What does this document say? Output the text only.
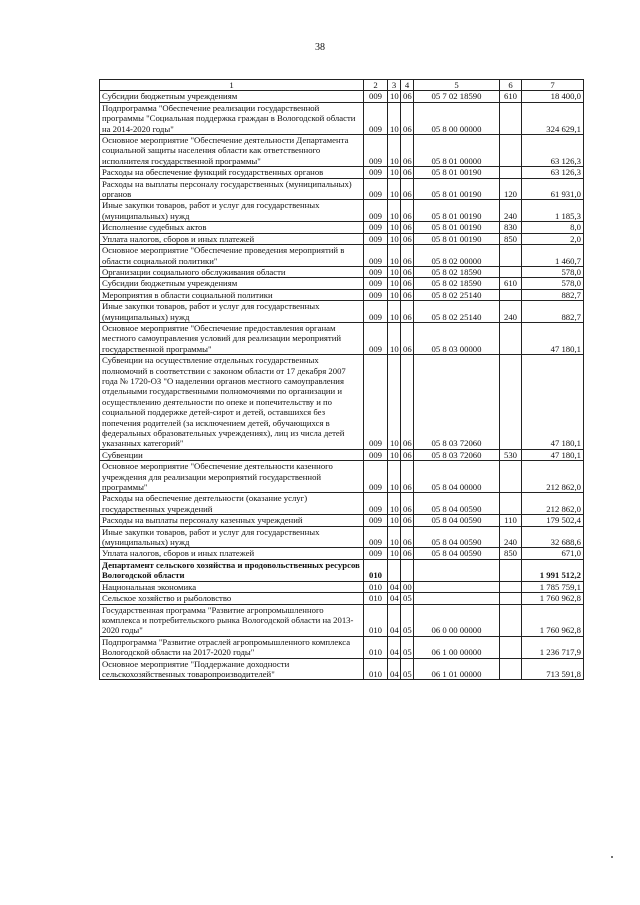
38
1	2	3	4	5	6	7
Субсидии бюджетным учреждениям	009	10	06	05 7 02 18590	610	18 400,0
Подпрограмма "Обеспечение реализации государственной программы "Социальная поддержка граждан в Вологодской области на 2014-2020 годы"	009	10	06	05 8 00 00000		324 629,1
Основное мероприятие "Обеспечение деятельности Департамента социальной защиты населения области как ответственного исполнителя государственной программы"	009	10	06	05 8 01 00000		63 126,3
Расходы на обеспечение функций государственных органов	009	10	06	05 8 01 00190		63 126,3
Расходы на выплаты персоналу государственных (муниципальных) органов	009	10	06	05 8 01 00190	120	61 931,0
Иные закупки товаров, работ и услуг для государственных (муниципальных) нужд	009	10	06	05 8 01 00190	240	1 185,3
Исполнение судебных актов	009	10	06	05 8 01 00190	830	8,0
Уплата налогов, сборов и иных платежей	009	10	06	05 8 01 00190	850	2,0
Основное мероприятие "Обеспечение проведения мероприятий в области социальной политики"	009	10	06	05 8 02 00000		1 460,7
Организации социального обслуживания области	009	10	06	05 8 02 18590		578,0
Субсидии бюджетным учреждениям	009	10	06	05 8 02 18590	610	578,0
Мероприятия в области социальной политики	009	10	06	05 8 02 25140		882,7
Иные закупки товаров, работ и услуг для государственных (муниципальных) нужд	009	10	06	05 8 02 25140	240	882,7
Основное мероприятие "Обеспечение предоставления органам местного самоуправления условий для реализации мероприятий государственной программы"	009	10	06	05 8 03 00000		47 180,1
Субвенции на осуществление отдельных государственных полномочий в соответствии с законом области от 17 декабря 2007 года № 1720-ОЗ "О наделении органов местного самоуправления отдельными государственными полномочиями по организации и осуществлению деятельности по опеке и попечительству и по социальной поддержке детей-сирот и детей, оставшихся без попечения родителей (за исключением детей, обучающихся в федеральных образовательных учреждениях), лиц из числа детей указанных категорий"	009	10	06	05 8 03 72060		47 180,1
Субвенции	009	10	06	05 8 03 72060	530	47 180,1
Основное мероприятие "Обеспечение деятельности казенного учреждения для реализации мероприятий государственной программы"	009	10	06	05 8 04 00000		212 862,0
Расходы на обеспечение деятельности (оказание услуг) государственных учреждений	009	10	06	05 8 04 00590		212 862,0
Расходы на выплаты персоналу казенных учреждений	009	10	06	05 8 04 00590	110	179 502,4
Иные закупки товаров, работ и услуг для государственных (муниципальных) нужд	009	10	06	05 8 04 00590	240	32 688,6
Уплата налогов, сборов и иных платежей	009	10	06	05 8 04 00590	850	671,0
Департамент сельского хозяйства и продовольственных ресурсов Вологодской области	010					1 991 512,2
Национальная экономика	010	04	00			1 785 759,1
Сельское хозяйство и рыболовство	010	04	05			1 760 962,8
Государственная программа "Развитие агропромышленного комплекса и потребительского рынка Вологодской области на 2013-2020 годы"	010	04	05	06 0 00 00000		1 760 962,8
Подпрограмма "Развитие отраслей агропромышленного комплекса Вологодской области на 2017-2020 годы"	010	04	05	06 1 00 00000		1 236 717,9
Основное мероприятие "Поддержание доходности сельскохозяйственных товаропроизводителей"	010	04	05	06 1 01 00000		713 591,8
